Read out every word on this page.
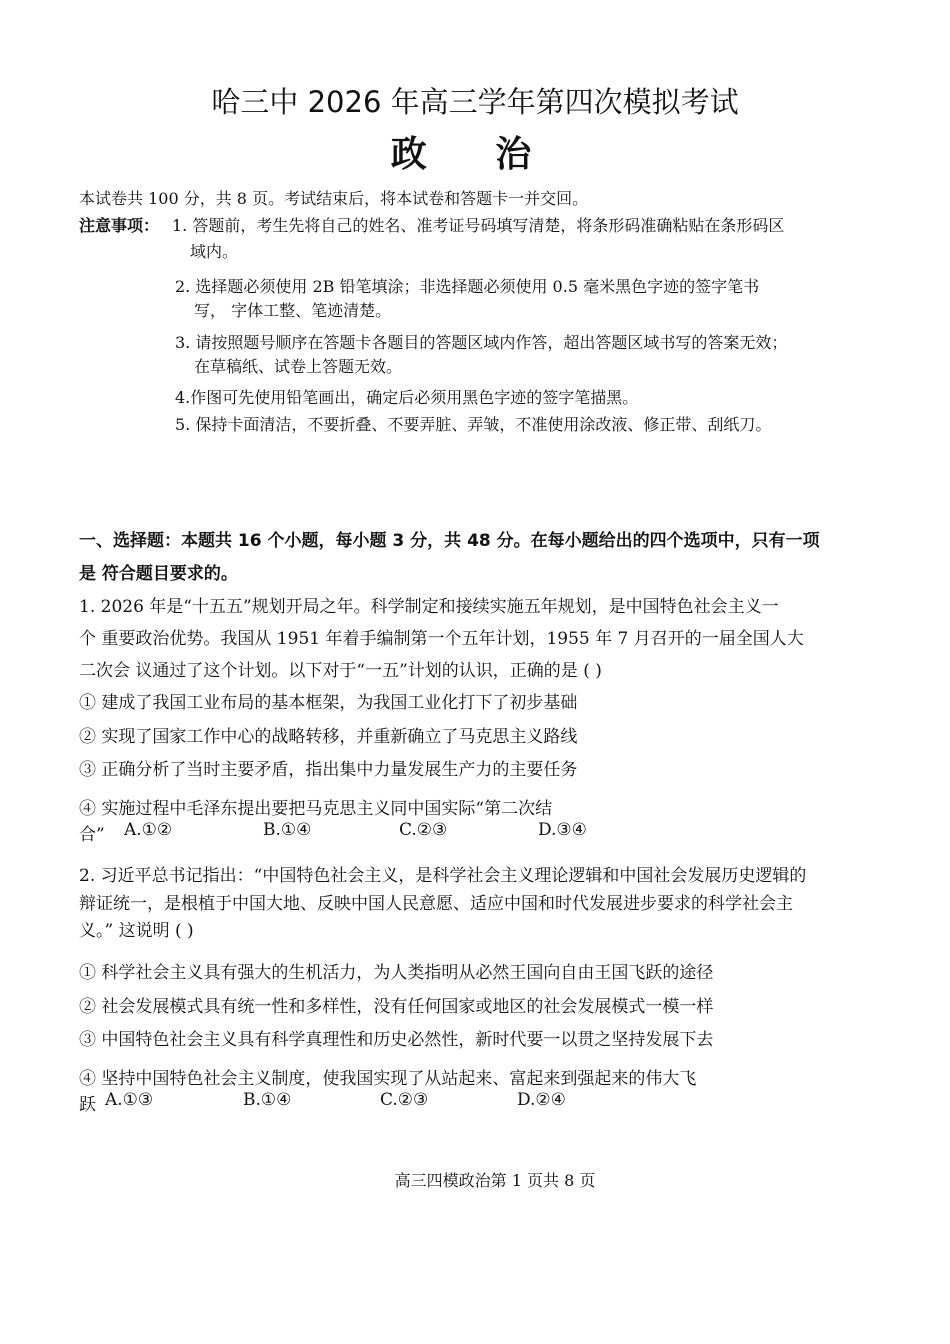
哈三中 2026 年高三学年第四次模拟考试
政 治
本试卷共 100 分，共 8 页。考试结束后，将本试卷和答题卡一并交回。
注意事项： 1. 答题前，考生先将自己的姓名、准考证号码填写清楚，将条形码准确粘贴在条形码区
域内。
2. 选择题必须使用 2B 铅笔填涂；非选择题必须使用 0.5 毫米黑色字迹的签字笔书
写， 字体工整、笔迹清楚。
3. 请按照题号顺序在答题卡各题目的答题区域内作答，超出答题区域书写的答案无效；
在草稿纸、试卷上答题无效。
4.作图可先使用铅笔画出，确定后必须用黑色字迹的签字笔描黑。
5. 保持卡面清洁，不要折叠、不要弄脏、弄皱，不准使用涂改液、修正带、刮纸刀。
一、选择题：本题共 16 个小题，每小题 3 分，共 48 分。在每小题给出的四个选项中，只有一项
是 符合题目要求的。
1. 2026 年是“十五五”规划开局之年。科学制定和接续实施五年规划，是中国特色社会主义一
个 重要政治优势。我国从 1951 年着手编制第一个五年计划，1955 年 7 月召开的一届全国人大
二次会 议通过了这个计划。以下对于“一五”计划的认识，正确的是 ( )
① 建成了我国工业布局的基本框架，为我国工业化打下了初步基础
② 实现了国家工作中心的战略转移，并重新确立了马克思主义路线
③ 正确分析了当时主要矛盾，指出集中力量发展生产力的主要任务
④ 实施过程中毛泽东提出要把马克思主义同中国实际“第二次结
合” A.①②	B.①④	C.②③	D.③④
2. 习近平总书记指出：“中国特色社会主义，是科学社会主义理论逻辑和中国社会发展历史逻辑的
辩证统一，是根植于中国大地、反映中国人民意愿、适应中国和时代发展进步要求的科学社会主
义。” 这说明 ( )
① 科学社会主义具有强大的生机活力，为人类指明从必然王国向自由王国飞跃的途径
② 社会发展模式具有统一性和多样性，没有任何国家或地区的社会发展模式一模一样
③ 中国特色社会主义具有科学真理性和历史必然性，新时代要一以贯之坚持发展下去
④ 坚持中国特色社会主义制度，使我国实现了从站起来、富起来到强起来的伟大飞
跃 A.①③	B.①④	C.②③	D.②④
高三四模政治第 1 页共 8 页
